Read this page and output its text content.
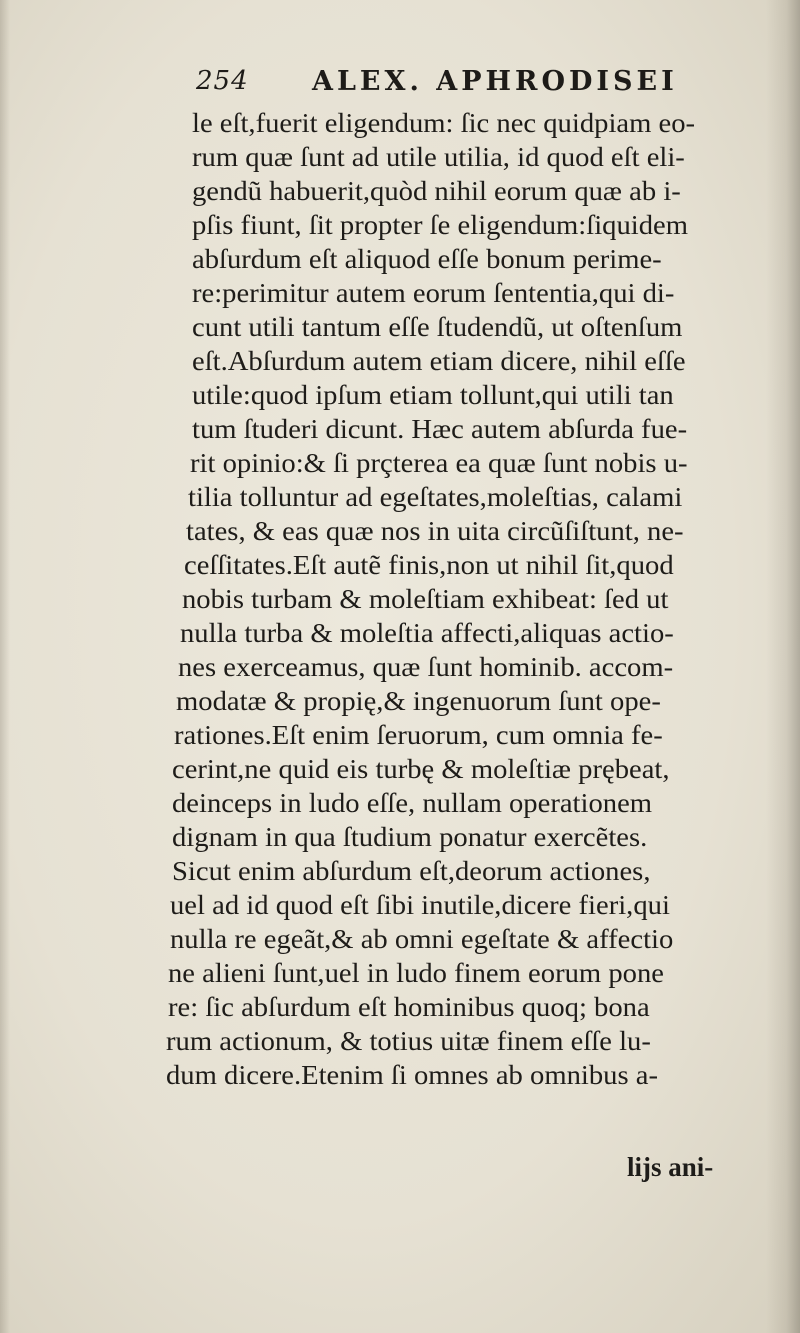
254 ALEX. APHRODISEI
le eſt,fuerit eligendum: ſic nec quidpiam eo-
rum quæ ſunt ad utile utilia, id quod eſt eli-
gendũ habuerit,quòd nihil eorum quæ ab i-
pſis fiunt, ſit propter ſe eligendum:ſiquidem
abſurdum eſt aliquod eſſe bonum perime-
re:perimitur autem eorum ſententia,qui di-
cunt utili tantum eſſe ſtudendũ, ut oſtenſum
eſt.Abſurdum autem etiam dicere, nihil eſſe
utile:quod ipſum etiam tollunt,qui utili tan
tum ſtuderi dicunt. Hæc autem abſurda fue-
rit opinio:& ſi prçterea ea quæ ſunt nobis u-
tilia tolluntur ad egeſtates,moleſtias, calami
tates, & eas quæ nos in uita circũſiſtunt, ne-
ceſſitates.Eſt autẽ finis,non ut nihil ſit,quod
nobis turbam & moleſtiam exhibeat: ſed ut
nulla turba & moleſtia affecti,aliquas actio-
nes exerceamus, quæ ſunt hominib. accom-
modatæ & propię,& ingenuorum ſunt ope-
rationes.Eſt enim ſeruorum, cum omnia fe-
cerint,ne quid eis turbę & moleſtiæ prębeat,
deinceps in ludo eſſe, nullam operationem
dignam in qua ſtudium ponatur exercẽtes.
Sicut enim abſurdum eſt,deorum actiones,
uel ad id quod eſt ſibi inutile,dicere fieri,qui
nulla re egeãt,& ab omni egeſtate & affectio
ne alieni ſunt,uel in ludo finem eorum pone
re: ſic abſurdum eſt hominibus quoq; bona
rum actionum, & totius uitæ finem eſſe lu-
dum dicere.Etenim ſi omnes ab omnibus a-
lijs ani-
